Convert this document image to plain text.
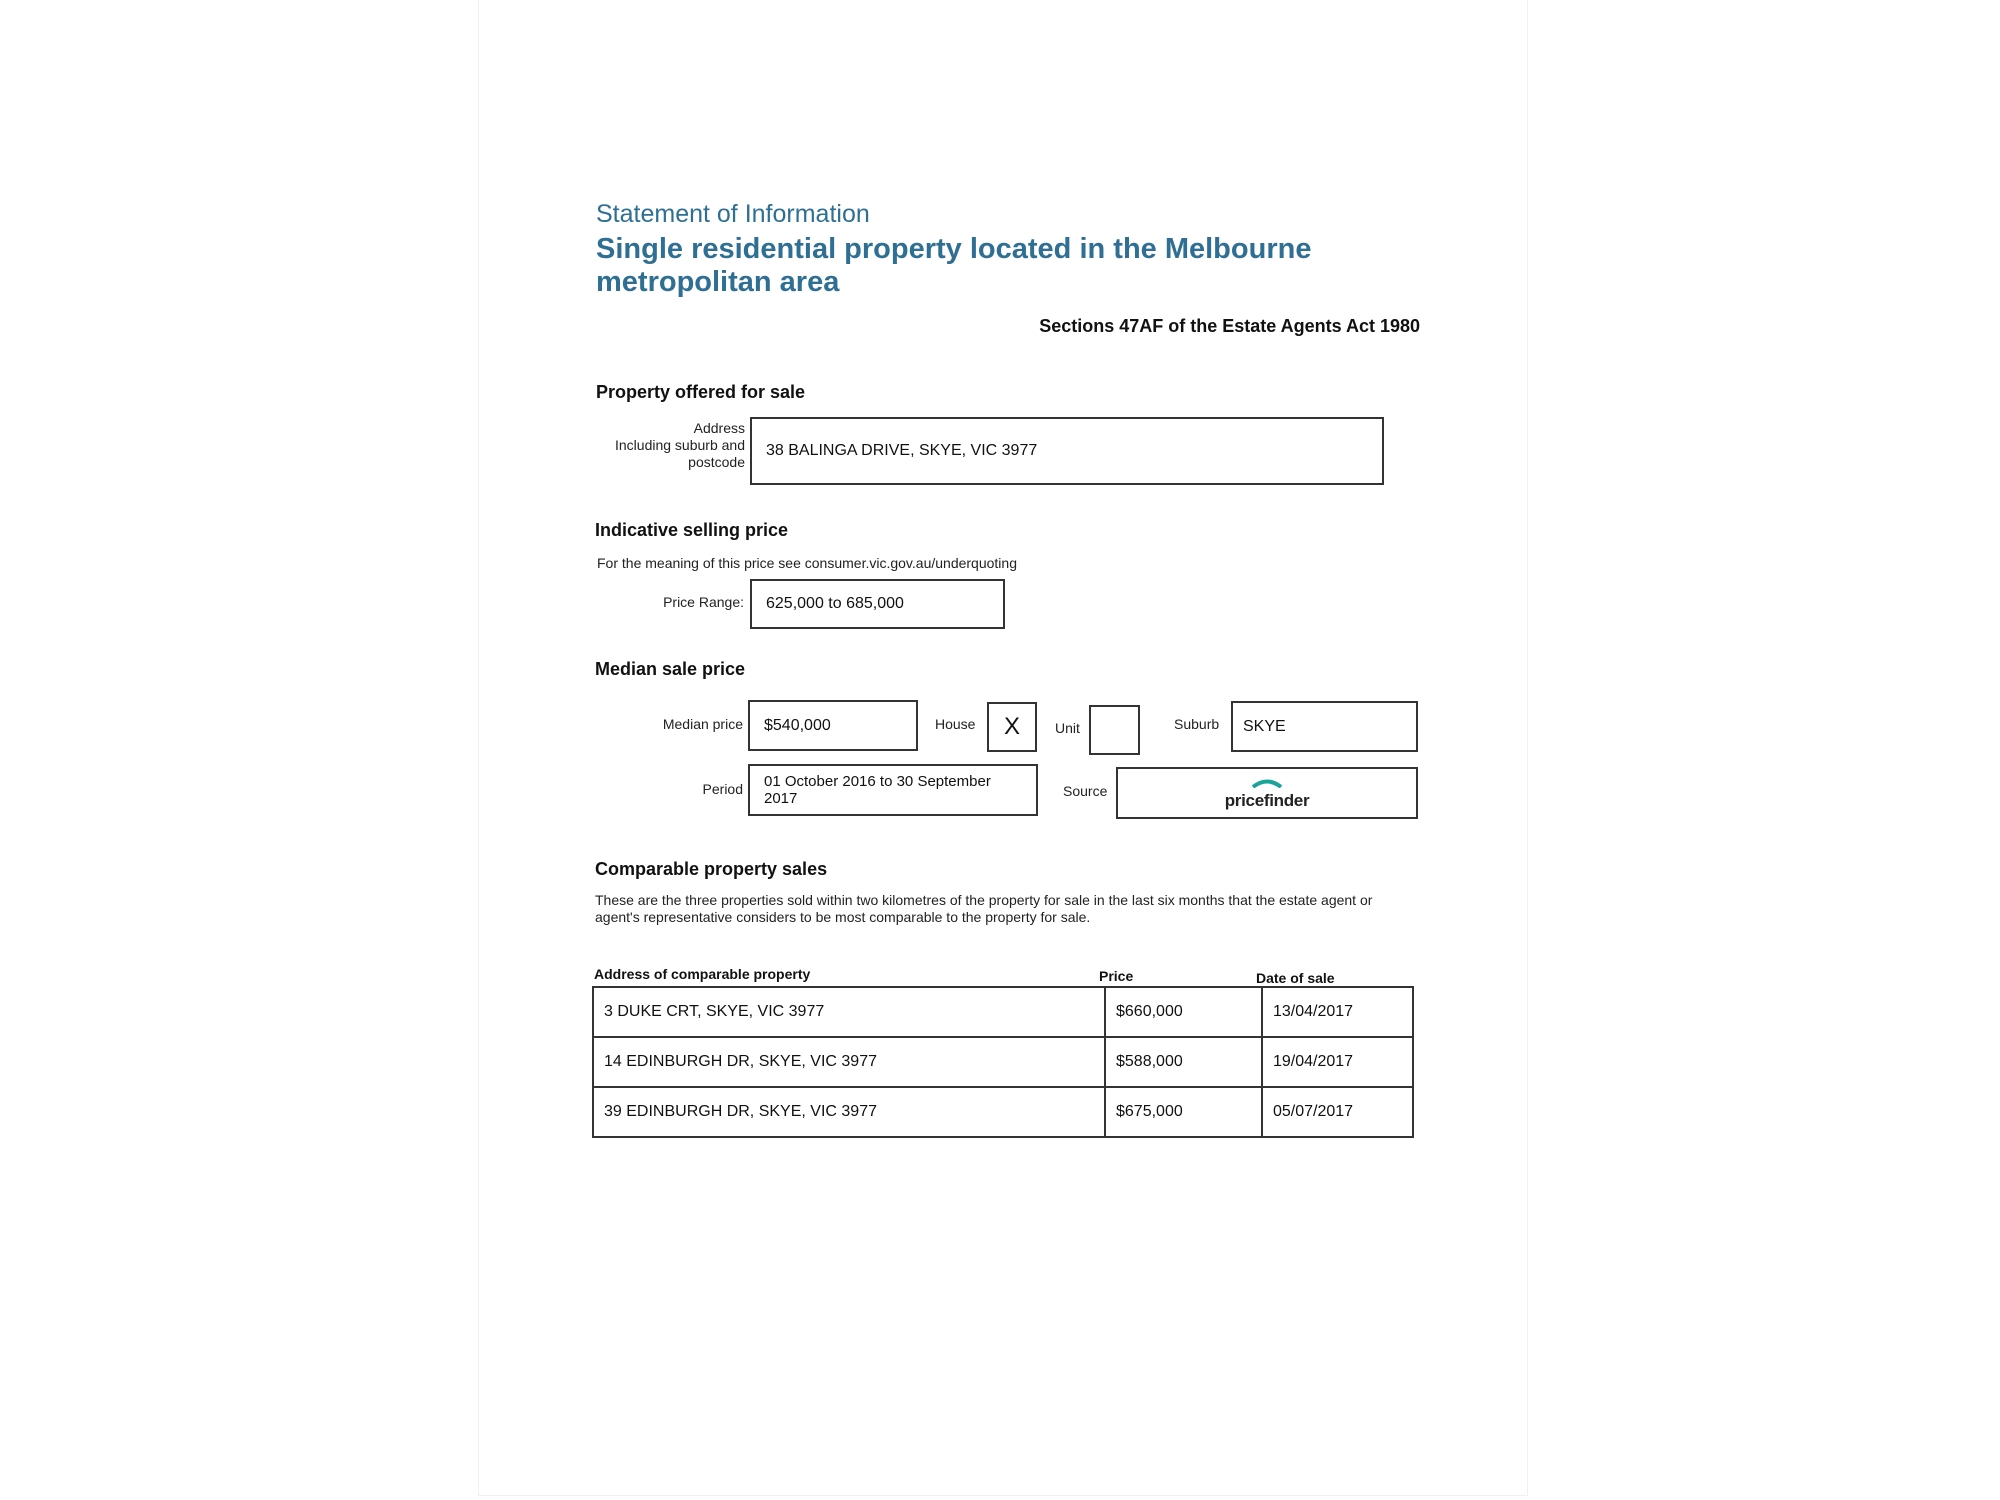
Statement of Information
Single residential property located in the Melbourne metropolitan area
Sections 47AF of the Estate Agents Act 1980
Property offered for sale
Address
Including suburb and
postcode
38 BALINGA DRIVE, SKYE, VIC 3977
Indicative selling price
For the meaning of this price see consumer.vic.gov.au/underquoting
Price Range: 625,000 to 685,000
Median sale price
Median price $540,000	House	X	Unit	Suburb SKYE
Period 01 October 2016 to 30 September 2017	Source	pricefinder
Comparable property sales
These are the three properties sold within two kilometres of the property for sale in the last six months that the estate agent or agent's representative considers to be most comparable to the property for sale.
Address of comparable property	Price	Date of sale
3 DUKE CRT, SKYE, VIC 3977	$660,000	13/04/2017
14 EDINBURGH DR, SKYE, VIC 3977	$588,000	19/04/2017
39 EDINBURGH DR, SKYE, VIC 3977	$675,000	05/07/2017
